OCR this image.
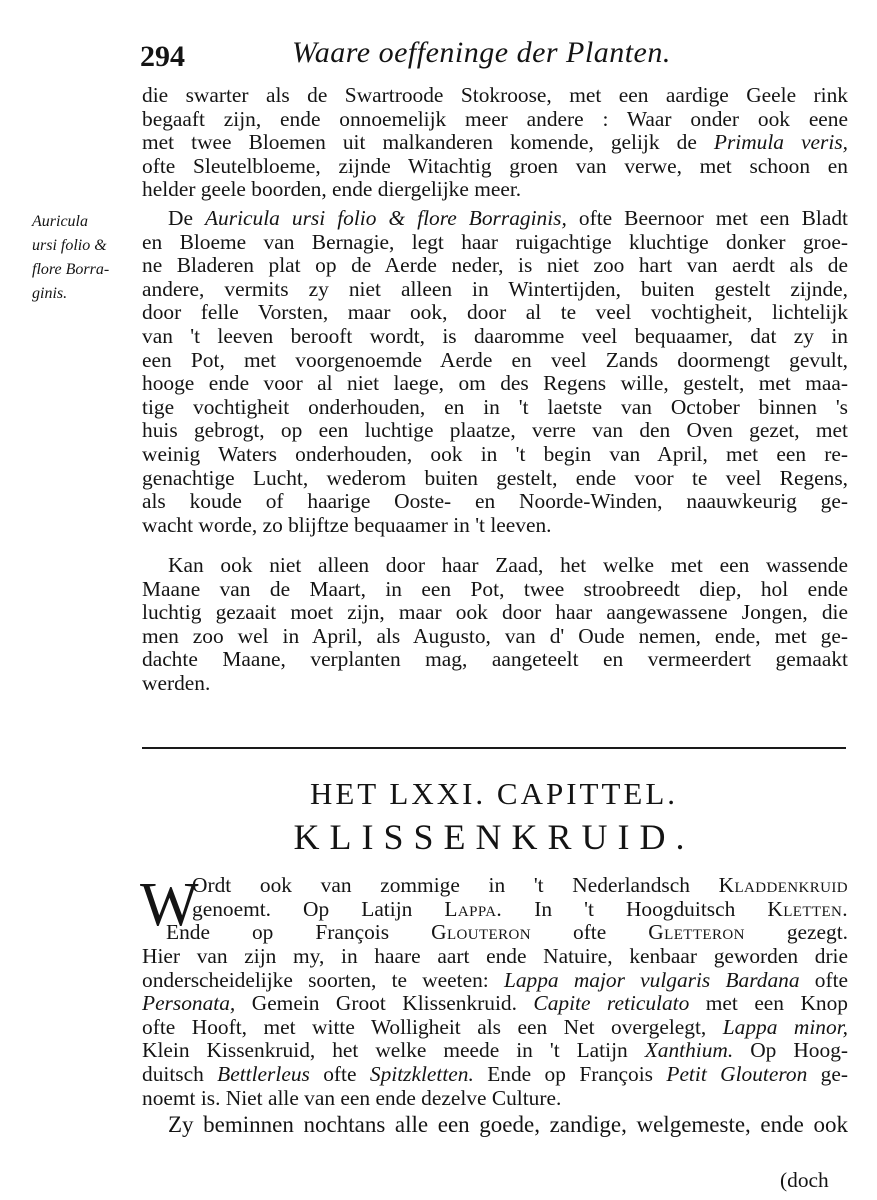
294	Waare oeffeninge der Planten.
Auricula
ursi folio &
flore Borra-
ginis.
die swarter als de Swartroode Stokroose, met een aardige Geele rink
begaaft zijn, ende onnoemelijk meer andere : Waar onder ook eene
met twee Bloemen uit malkanderen komende, gelijk de Primula veris,
ofte Sleutelbloeme, zijnde Witachtig groen van verwe, met schoon en
helder geele boorden, ende diergelijke meer.
De Auricula ursi folio & flore Borraginis, ofte Beernoor met een Bladt
en Bloeme van Bernagie, legt haar ruigachtige kluchtige donker groe-
ne Bladeren plat op de Aerde neder, is niet zoo hart van aerdt als de
andere, vermits zy niet alleen in Wintertijden, buiten gestelt zijnde,
door felle Vorsten, maar ook, door al te veel vochtigheit, lichtelijk
van 't leeven berooft wordt, is daaromme veel bequaamer, dat zy in
een Pot, met voorgenoemde Aerde en veel Zands doormengt gevult,
hooge ende voor al niet laege, om des Regens wille, gestelt, met maa-
tige vochtigheit onderhouden, en in 't laetste van October binnen 's
huis gebrogt, op een luchtige plaatze, verre van den Oven gezet, met
weinig Waters onderhouden, ook in 't begin van April, met een re-
genachtige Lucht, wederom buiten gestelt, ende voor te veel Regens,
als koude of haarige Ooste- en Noorde-Winden, naauwkeurig ge-
wacht worde, zo blijftze bequaamer in 't leeven.
Kan ook niet alleen door haar Zaad, het welke met een wassende
Maane van de Maart, in een Pot, twee stroobreedt diep, hol ende
luchtig gezaait moet zijn, maar ook door haar aangewassene Jongen, die
men zoo wel in April, als Augusto, van d' Oude nemen, ende, met ge-
dachte Maane, verplanten mag, aangeteelt en vermeerdert gemaakt
werden.
HET LXXI. CAPITTEL.
KLISSENKRUID.
W
Ordt ook van zommige in 't Nederlandsch Kladdenkruid
genoemt. Op Latijn Lappa. In 't Hoogduitsch Kletten.
Ende op François Glouteron ofte Gletteron gezegt.
Hier van zijn my, in haare aart ende Natuire, kenbaar geworden drie
onderscheidelijke soorten, te weeten: Lappa major vulgaris Bardana ofte
Personata, Gemein Groot Klissenkruid. Capite reticulato met een Knop
ofte Hooft, met witte Wolligheit als een Net overgelegt, Lappa minor,
Klein Kissenkruid, het welke meede in 't Latijn Xanthium. Op Hoog-
duitsch Bettlerleus ofte Spitzkletten. Ende op François Petit Glouteron ge-
noemt is. Niet alle van een ende dezelve Culture.
Zy beminnen nochtans alle een goede, zandige, welgemeste, ende ook
(doch
